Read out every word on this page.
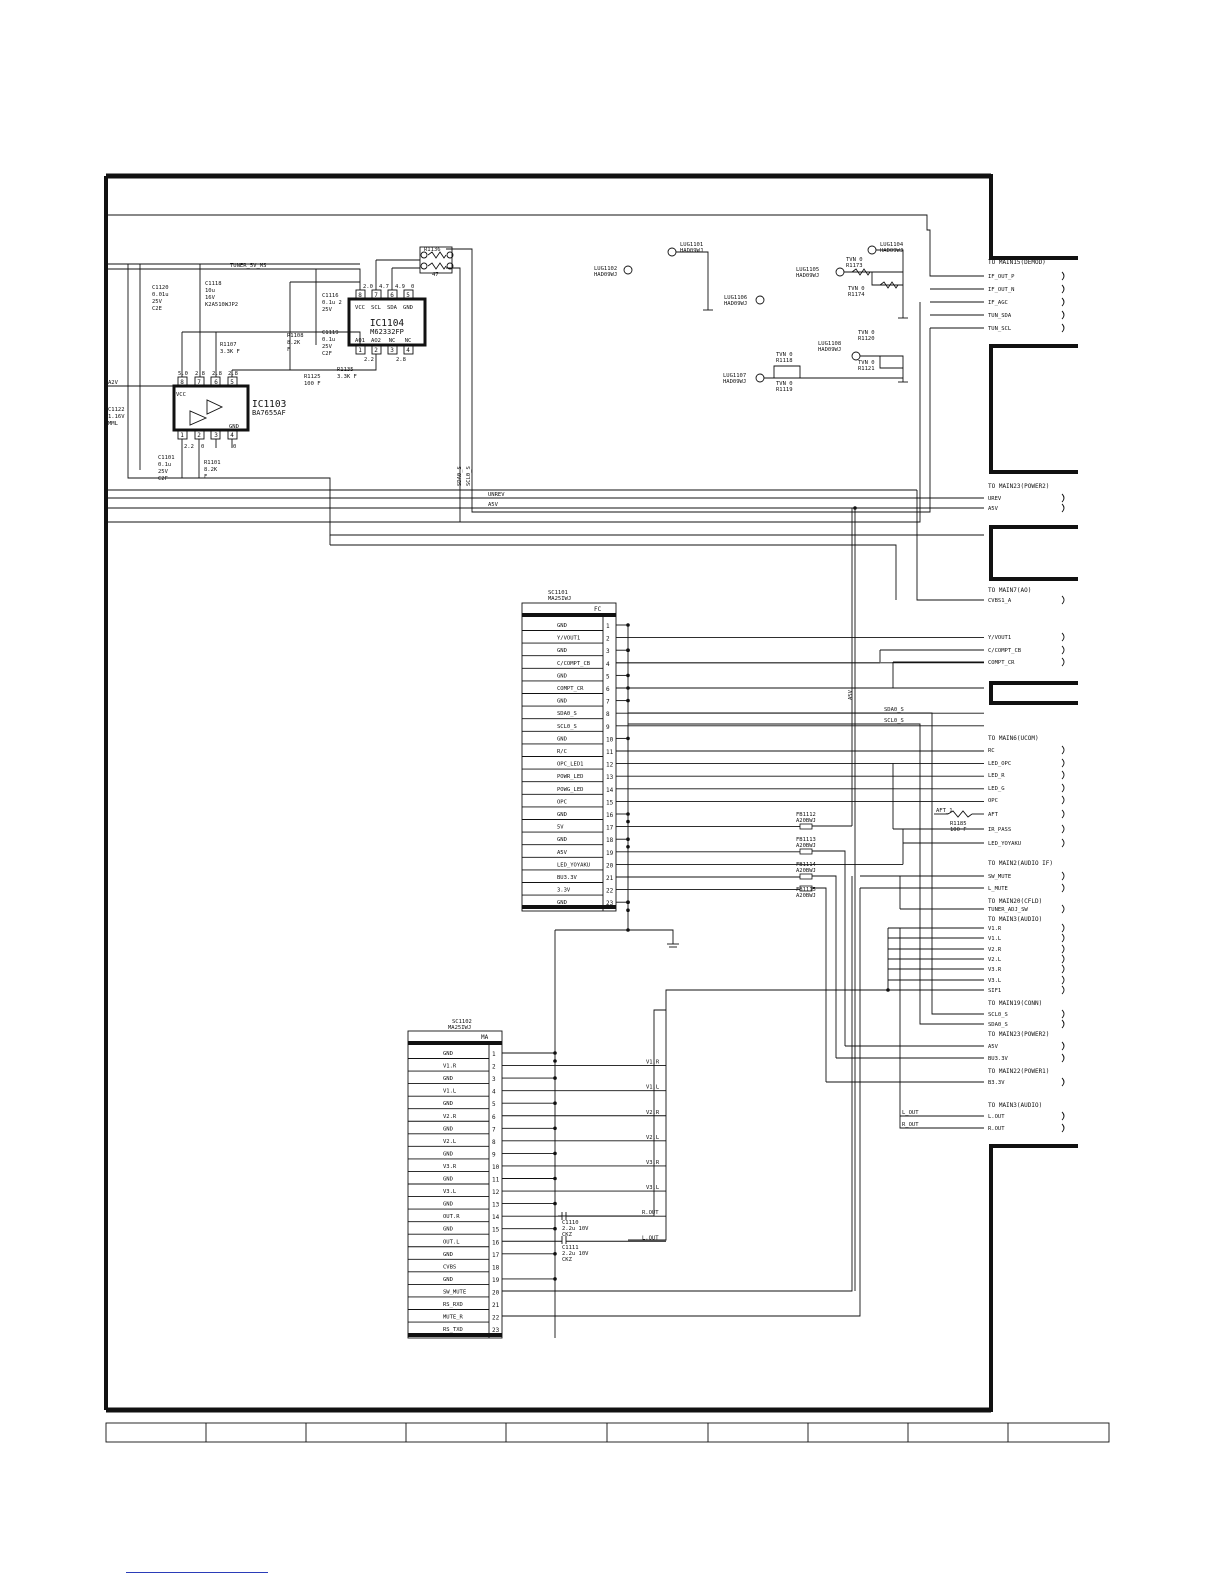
IC1104
M62332FP
VCC SCL SDA GND
AO1 AO2 NC NC
8 7 6 5
1 2 3 4
2.0 4.7 4.9 0
2.2	2.8
IC1103
BA7655AF
VCC
GND
8 7 6 5
1 2 3 4
5.0 2.8 2.8 2.8
2.2 0	0
C1120
0.01u
25V
C2E
C1118
10u
16V
K2A510WJP2
C1116
0.1u 2
25V
C1119
0.1u
25V
C2F
R1108
8.2K
F
R1107
3.3K F
R1125
100 F
R1135
3.3K F
R1136
47
C1101
0.1u
25V
C2F
R1101
8.2K
F
C1122
1.16V
MML
A2V
TUNER_5V_MS
R1185
100 F
AFT_1
LUG1101
HAD09WJ
LUG1102
HAD09WJ
LUG1106
HAD09WJ
LUG1104
HAD09WJ
LUG1105
HAD09WJ
LUG1108
HAD09WJ
LUG1107
HAD09WJ
TVN 0
R1173
TVN 0
R1174
TVN 0
R1120
TVN 0
R1121
TVN 0
R1118
TVN 0
R1119
UNREV
A5V
SDA0_S
SCL0_S
A5V
SDA0_S SCL0_S
SC1101
MA25IWJ
FC
GND	1
Y/VOUT1	2
GND	3
C/COMPT_CB	4
GND	5
COMPT_CR	6
GND	7
SDA0_S	8
SCL0_S	9
GND	10
R/C	11
OPC_LED1	12
POWR_LED	13
POWG_LED	14
OPC	15
GND	16
5V	17
GND	18
A5V	19
LED_YOYAKU	20
BU3.3V	21
3.3V	22
GND	23
FB1112
A20BWJ
FB1113
A20BWJ
FB1114
A20BWJ
FB1115
A20BWJ
SC1102
MA25IWJ
MA
GND	1
V1.R	2
GND	3
V1.L	4
GND	5
V2.R	6
GND	7
V2.L	8
GND	9
V3.R	10
GND	11
V3.L	12
GND	13
OUT.R	14
GND	15
OUT.L	16
GND	17
CVBS	18
GND	19
SW_MUTE	20
RS_RXD	21
MUTE_R	22
RS_TXD	23
V1.R
V1.L
V2.R
V2.L
V3.R
V3.L
R.OUT
L.OUT
C1110
2.2u 10V
CKZ
C1111
2.2u 10V
CKZ
L_OUT
R_OUT
TO MAIN15(DEMOD)
IF_OUT_P
IF_OUT_N
IF_AGC
TUN_SDA
TUN_SCL
TO MAIN23(POWER2)
UREV
A5V
TO MAIN7(AO)
CVBS1_A
Y/VOUT1
C/COMPT_CB
COMPT_CR
TO MAIN6(UCOM)
RC
LED_OPC
LED_R
LED_G
OPC
AFT
IR_PASS
LED_YOYAKU
TO MAIN2(AUDIO IF)
SW_MUTE
L_MUTE
TO MAIN20(CFLD)
TUNER_ADJ_SW
TO MAIN3(AUDIO)
V1.R
V1.L
V2.R
V2.L
V3.R
V3.L
SIF1
TO MAIN19(CONN)
SCL0_S
SDA0_S
TO MAIN23(POWER2)
A5V
BU3.3V
TO MAIN22(POWER1)
B3.3V
TO MAIN3(AUDIO)
L.OUT
R.OUT
